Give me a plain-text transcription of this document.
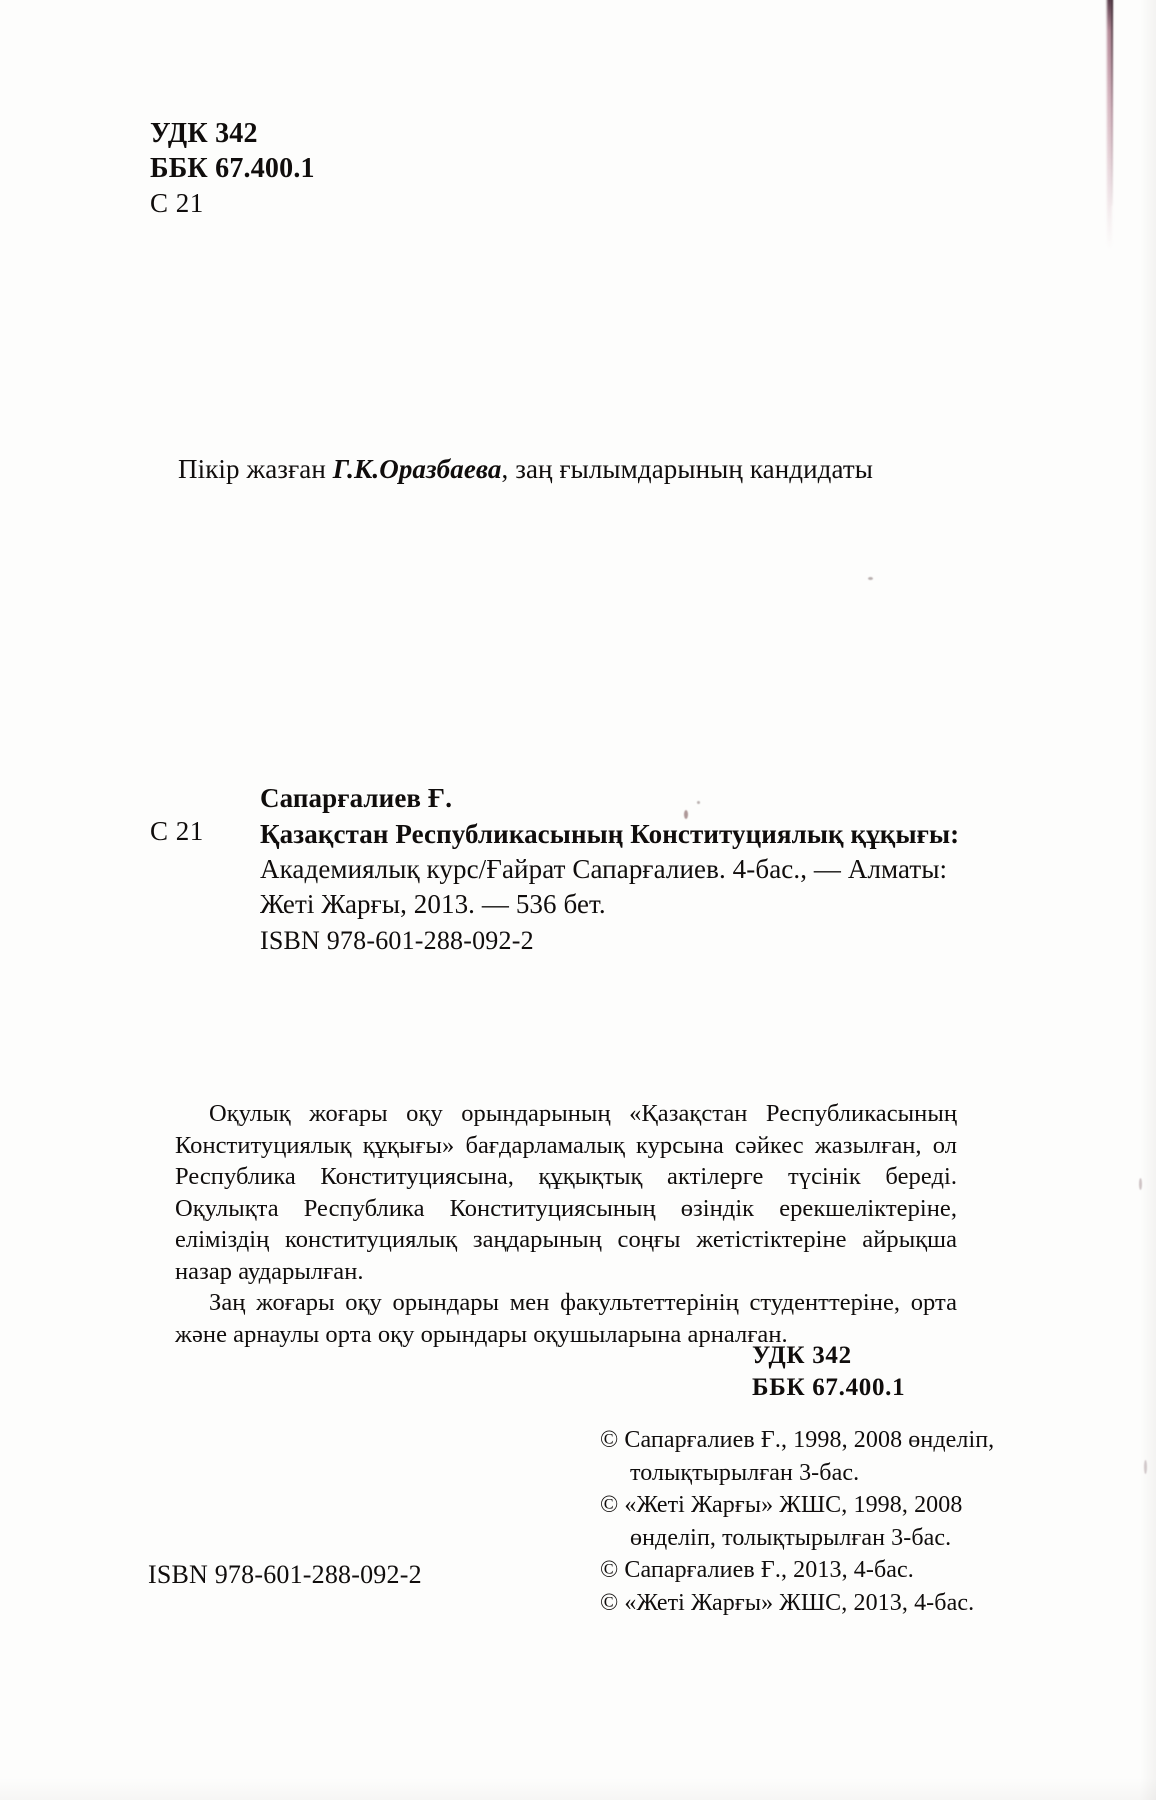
УДК 342
ББК 67.400.1
С 21
Пікір жазған Г.К.Оразбаева, заң ғылымдарының кандидаты
С 21
Сапарғалиев Ғ.
Қазақстан Республикасының Конституциялық құқығы:
Академиялық курс/Ғайрат Сапарғалиев. 4-бас., — Алматы:
Жеті Жарғы, 2013. — 536 бет.
ISBN 978-601-288-092-2

Оқулық жоғары оқу орындарының «Қазақстан Республикасының Конституциялық құқығы» бағдарламалық курсына сәйкес жазылған, ол Республика Конституциясына, құқықтық актілерге түсінік береді. Оқулықта Республика Конституциясының өзіндік ерекшеліктеріне, еліміздің конституциялық заңдарының соңғы жетістіктеріне айрықша назар аударылған.

Заң жоғары оқу орындары мен факультеттерінің студенттеріне, орта және арнаулы орта оқу орындары оқушыларына арналған.

УДК 342
ББК 67.400.1
© Сапарғалиев Ғ., 1998, 2008 өнделіп,
толықтырылған 3-бас.
© «Жеті Жарғы» ЖШС, 1998, 2008
өнделіп, толықтырылған 3-бас.
© Сапарғалиев Ғ., 2013, 4-бас.
© «Жеті Жарғы» ЖШС, 2013, 4-бас.
ISBN 978-601-288-092-2
